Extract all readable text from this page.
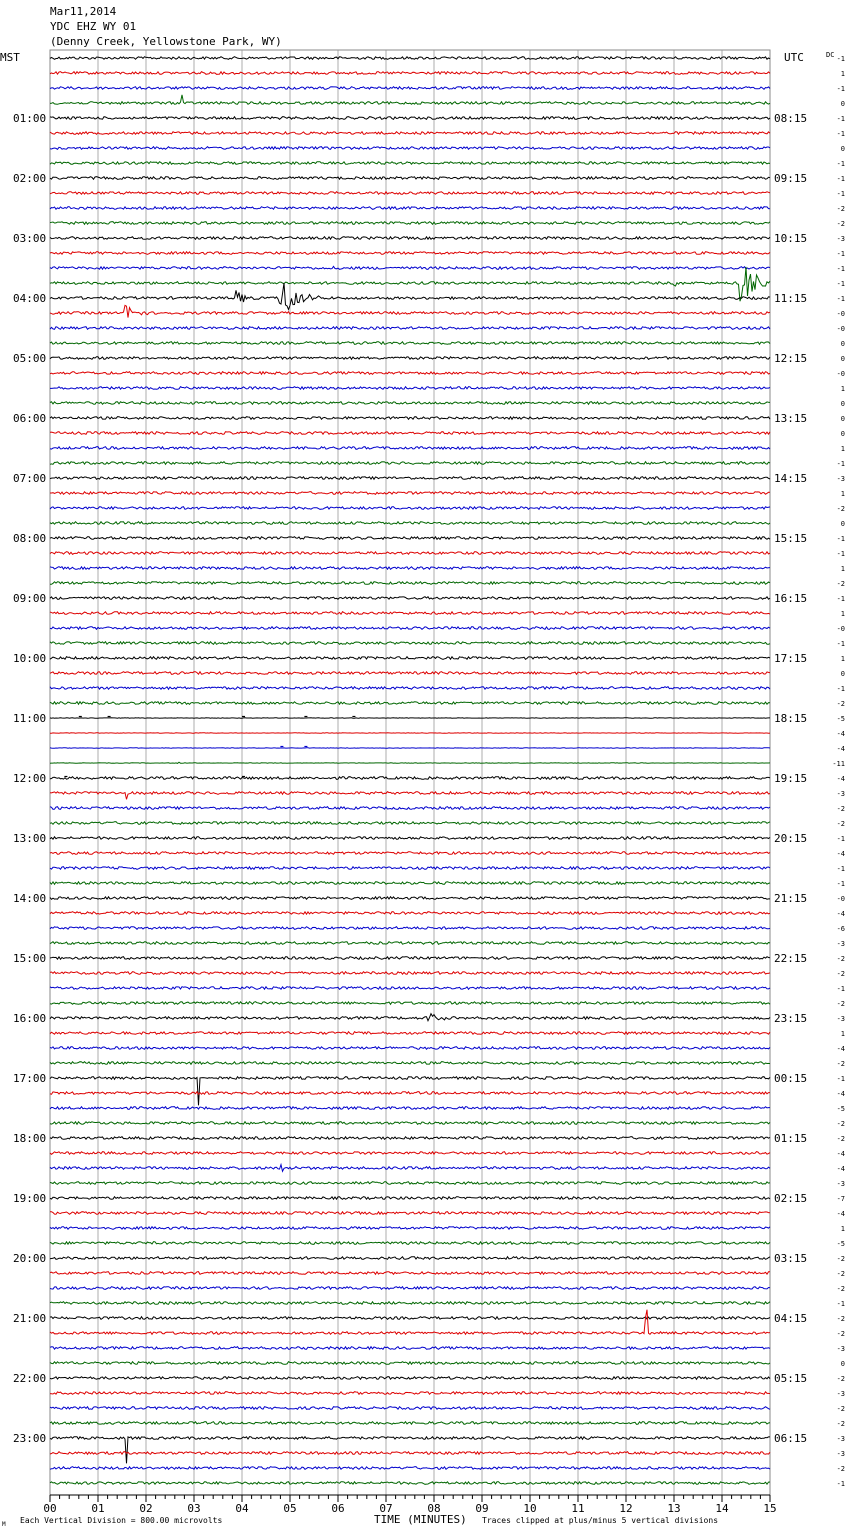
Mar11,2014
YDC EHZ WY 01
(Denny Creek, Yellowstone Park, WY)
MST	UTC	DC
01:00
02:00
03:00
04:00
05:00
06:00
07:00
08:00
09:00
10:00
11:00
12:00
13:00
14:00
15:00
16:00
17:00
18:00
19:00
20:00
21:00
22:00
23:00
08:15
09:15
10:15
11:15
12:15
13:15
14:15
15:15
16:15
17:15
18:15
19:15
20:15
21:15
22:15
23:15
00:15
01:15
02:15
03:15
04:15
05:15
06:15
-1
1
-1
0
-1
-1
0
-1
-1
-1
-2
-2
-3
-1
-1
-1
-1
-0
-0
0
0
-0
1
0
0
0
1
-1
-3
1
-2
0
-1
-1
1
-2
-1
1
-0
-1
1
0
-1
-2
-5
-4
-4
-11
-4
-3
-2
-2
-1
-4
-1
-1
-0
-4
-6
-3
-2
-2
-1
-2
-3
1
-4
-2
-1
-4
-5
-2
-2
-4
-4
-3
-7
-4
1
-5
-2
-2
-2
-1
-2
-2
-3
0
-2
-3
-2
-2
-3
-3
-2
-1
00	01	02	03	04	05	06	07	08	09	10	11	12	13	14	15
M Each Vertical Division = 800.00 microvolts	TIME (MINUTES) Traces clipped at plus/minus 5 vertical divisions
